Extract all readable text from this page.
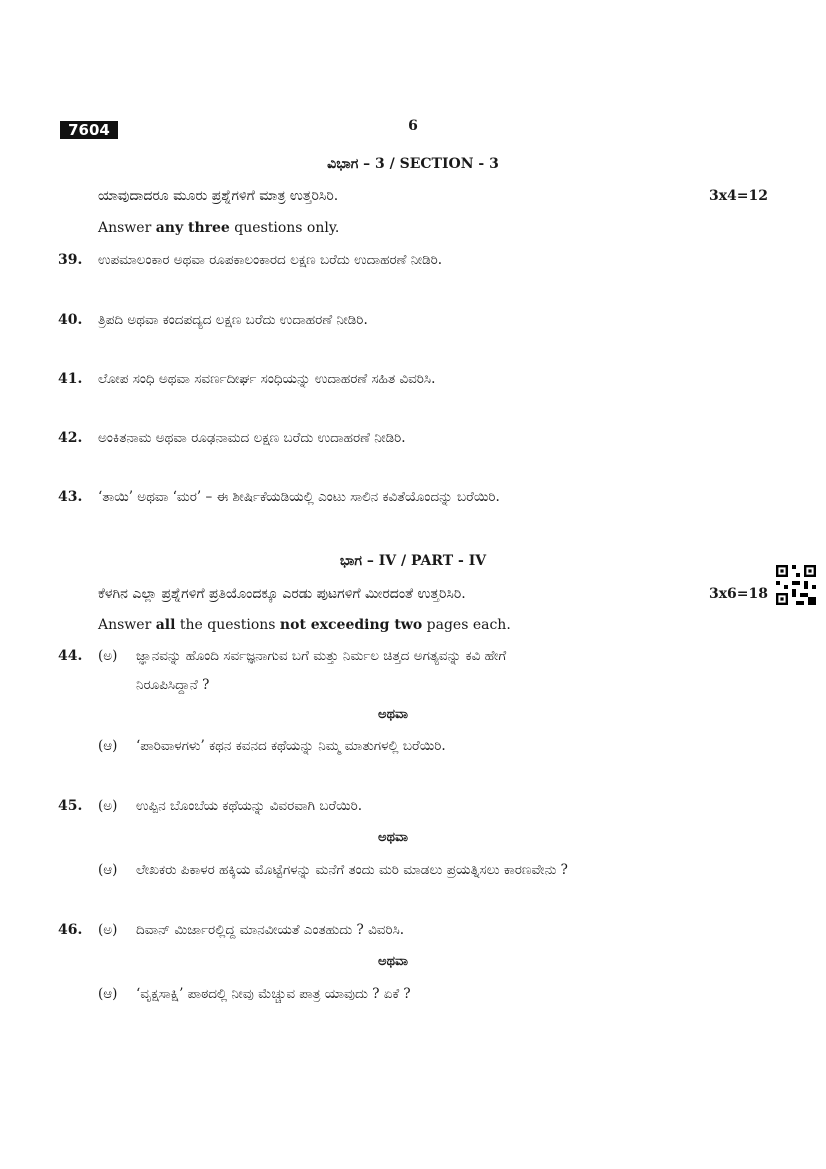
7604	6
ವಿಭಾಗ – 3 / SECTION - 3
ಯಾವುದಾದರೂ ಮೂರು ಪ್ರಶ್ನೆಗಳಿಗೆ ಮಾತ್ರ ಉತ್ತರಿಸಿರಿ.	3x4=12
Answer any three questions only.
39. ಉಪಮಾಲಂಕಾರ ಅಥವಾ ರೂಪಕಾಲಂಕಾರದ ಲಕ್ಷಣ ಬರೆದು ಉದಾಹರಣೆ ನೀಡಿರಿ.
40. ತ್ರಿಪದಿ ಅಥವಾ ಕಂದಪದ್ಯದ ಲಕ್ಷಣ ಬರೆದು ಉದಾಹರಣೆ ನೀಡಿರಿ.
41. ಲೋಪ ಸಂಧಿ ಅಥವಾ ಸವರ್ಣದೀರ್ಘ ಸಂಧಿಯನ್ನು ಉದಾಹರಣೆ ಸಹಿತ ವಿವರಿಸಿ.
42. ಅಂಕಿತನಾಮ ಅಥವಾ ರೂಢನಾಮದ ಲಕ್ಷಣ ಬರೆದು ಉದಾಹರಣೆ ನೀಡಿರಿ.
43. ‘ತಾಯಿ’ ಅಥವಾ ‘ಮರ’ – ಈ ಶೀರ್ಷಿಕೆಯಡಿಯಲ್ಲಿ ಎಂಟು ಸಾಲಿನ ಕವಿತೆಯೊಂದನ್ನು ಬರೆಯಿರಿ.
ಭಾಗ – IV / PART - IV
ಕೆಳಗಿನ ಎಲ್ಲಾ ಪ್ರಶ್ನೆಗಳಿಗೆ ಪ್ರತಿಯೊಂದಕ್ಕೂ ಎರಡು ಪುಟಗಳಿಗೆ ಮೀರದಂತೆ ಉತ್ತರಿಸಿರಿ.	3x6=18
Answer all the questions not exceeding two pages each.
44. (ಅ) ಜ್ಞಾನವನ್ನು ಹೊಂದಿ ಸರ್ವಜ್ಞನಾಗುವ ಬಗೆ ಮತ್ತು ನಿರ್ಮಲ ಚಿತ್ತದ ಅಗತ್ಯವನ್ನು ಕವಿ ಹೇಗೆ
ನಿರೂಪಿಸಿದ್ದಾನೆ ?
ಅಥವಾ
(ಆ) ‘ಪಾರಿವಾಳಗಳು’ ಕಥನ ಕವನದ ಕಥೆಯನ್ನು ನಿಮ್ಮ ಮಾತುಗಳಲ್ಲಿ ಬರೆಯಿರಿ.
45. (ಅ) ಉಪ್ಪಿನ ಬೊಂಬೆಯ ಕಥೆಯನ್ನು ವಿವರವಾಗಿ ಬರೆಯಿರಿ.
ಅಥವಾ
(ಆ) ಲೇಖಕರು ಪಿಕಾಳರ ಹಕ್ಕಿಯ ಮೊಟ್ಟೆಗಳನ್ನು ಮನೆಗೆ ತಂದು ಮರಿ ಮಾಡಲು ಪ್ರಯತ್ನಿಸಲು ಕಾರಣವೇನು ?
46. (ಅ) ದಿವಾನ್ ಮಿರ್ಜಾರಲ್ಲಿದ್ದ ಮಾನವೀಯತೆ ಎಂತಹುದು ? ವಿವರಿಸಿ.
ಅಥವಾ
(ಆ) ‘ವೃಕ್ಷಸಾಕ್ಷಿ’ ಪಾಠದಲ್ಲಿ ನೀವು ಮೆಚ್ಚುವ ಪಾತ್ರ ಯಾವುದು ? ಏಕೆ ?
